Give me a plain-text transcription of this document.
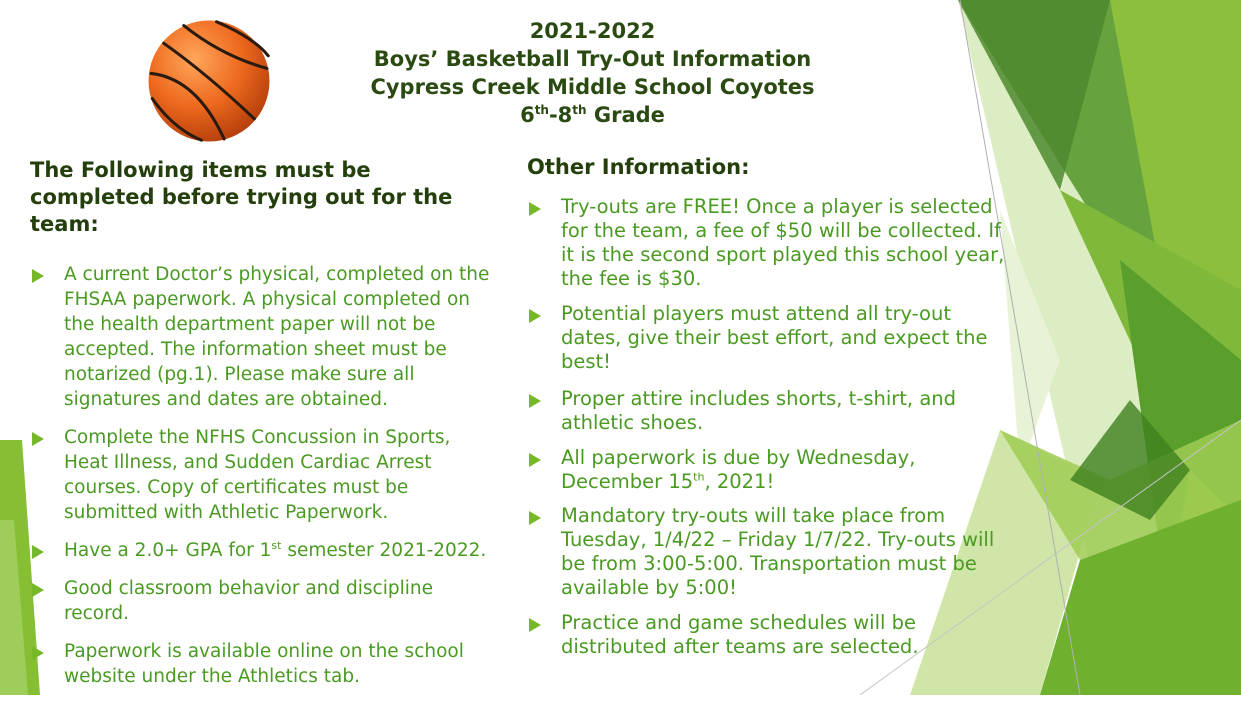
2021-2022
Boys’ Basketball Try-Out Information
Cypress Creek Middle School Coyotes
6th-8th Grade
The Following items must be completed before trying out for the team:
A current Doctor’s physical, completed on the FHSAA paperwork. A physical completed on the health department paper will not be accepted. The information sheet must be notarized (pg.1). Please make sure all signatures and dates are obtained.
Complete the NFHS Concussion in Sports, Heat Illness, and Sudden Cardiac Arrest courses. Copy of certificates must be submitted with Athletic Paperwork.
Have a 2.0+ GPA for 1st semester 2021-2022.
Good classroom behavior and discipline record.
Paperwork is available online on the school website under the Athletics tab.
Other Information:
Try-outs are FREE! Once a player is selected for the team, a fee of $50 will be collected. If it is the second sport played this school year, the fee is $30.
Potential players must attend all try-out dates, give their best effort, and expect the best!
Proper attire includes shorts, t-shirt, and athletic shoes.
All paperwork is due by Wednesday, December 15th, 2021!
Mandatory try-outs will take place from Tuesday, 1/4/22 – Friday 1/7/22. Try-outs will be from 3:00-5:00. Transportation must be available by 5:00!
Practice and game schedules will be distributed after teams are selected.
